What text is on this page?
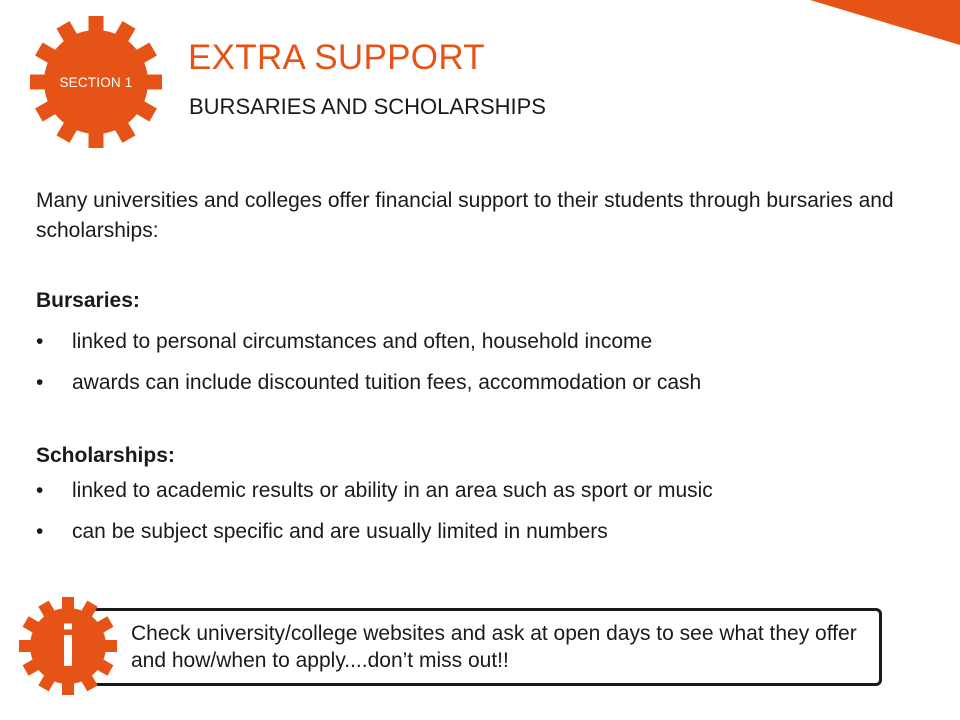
SECTION 1
EXTRA SUPPORT
BURSARIES AND SCHOLARSHIPS

Many universities and colleges offer financial support to their students through bursaries and scholarships:

Bursaries:
• linked to personal circumstances and often, household income
• awards can include discounted tuition fees, accommodation or cash
Scholarships:
• linked to academic results or ability in an area such as sport or music
• can be subject specific and are usually limited in numbers

Check university/college websites and ask at open days to see what they offer and how/when to apply....don’t miss out!!

i
